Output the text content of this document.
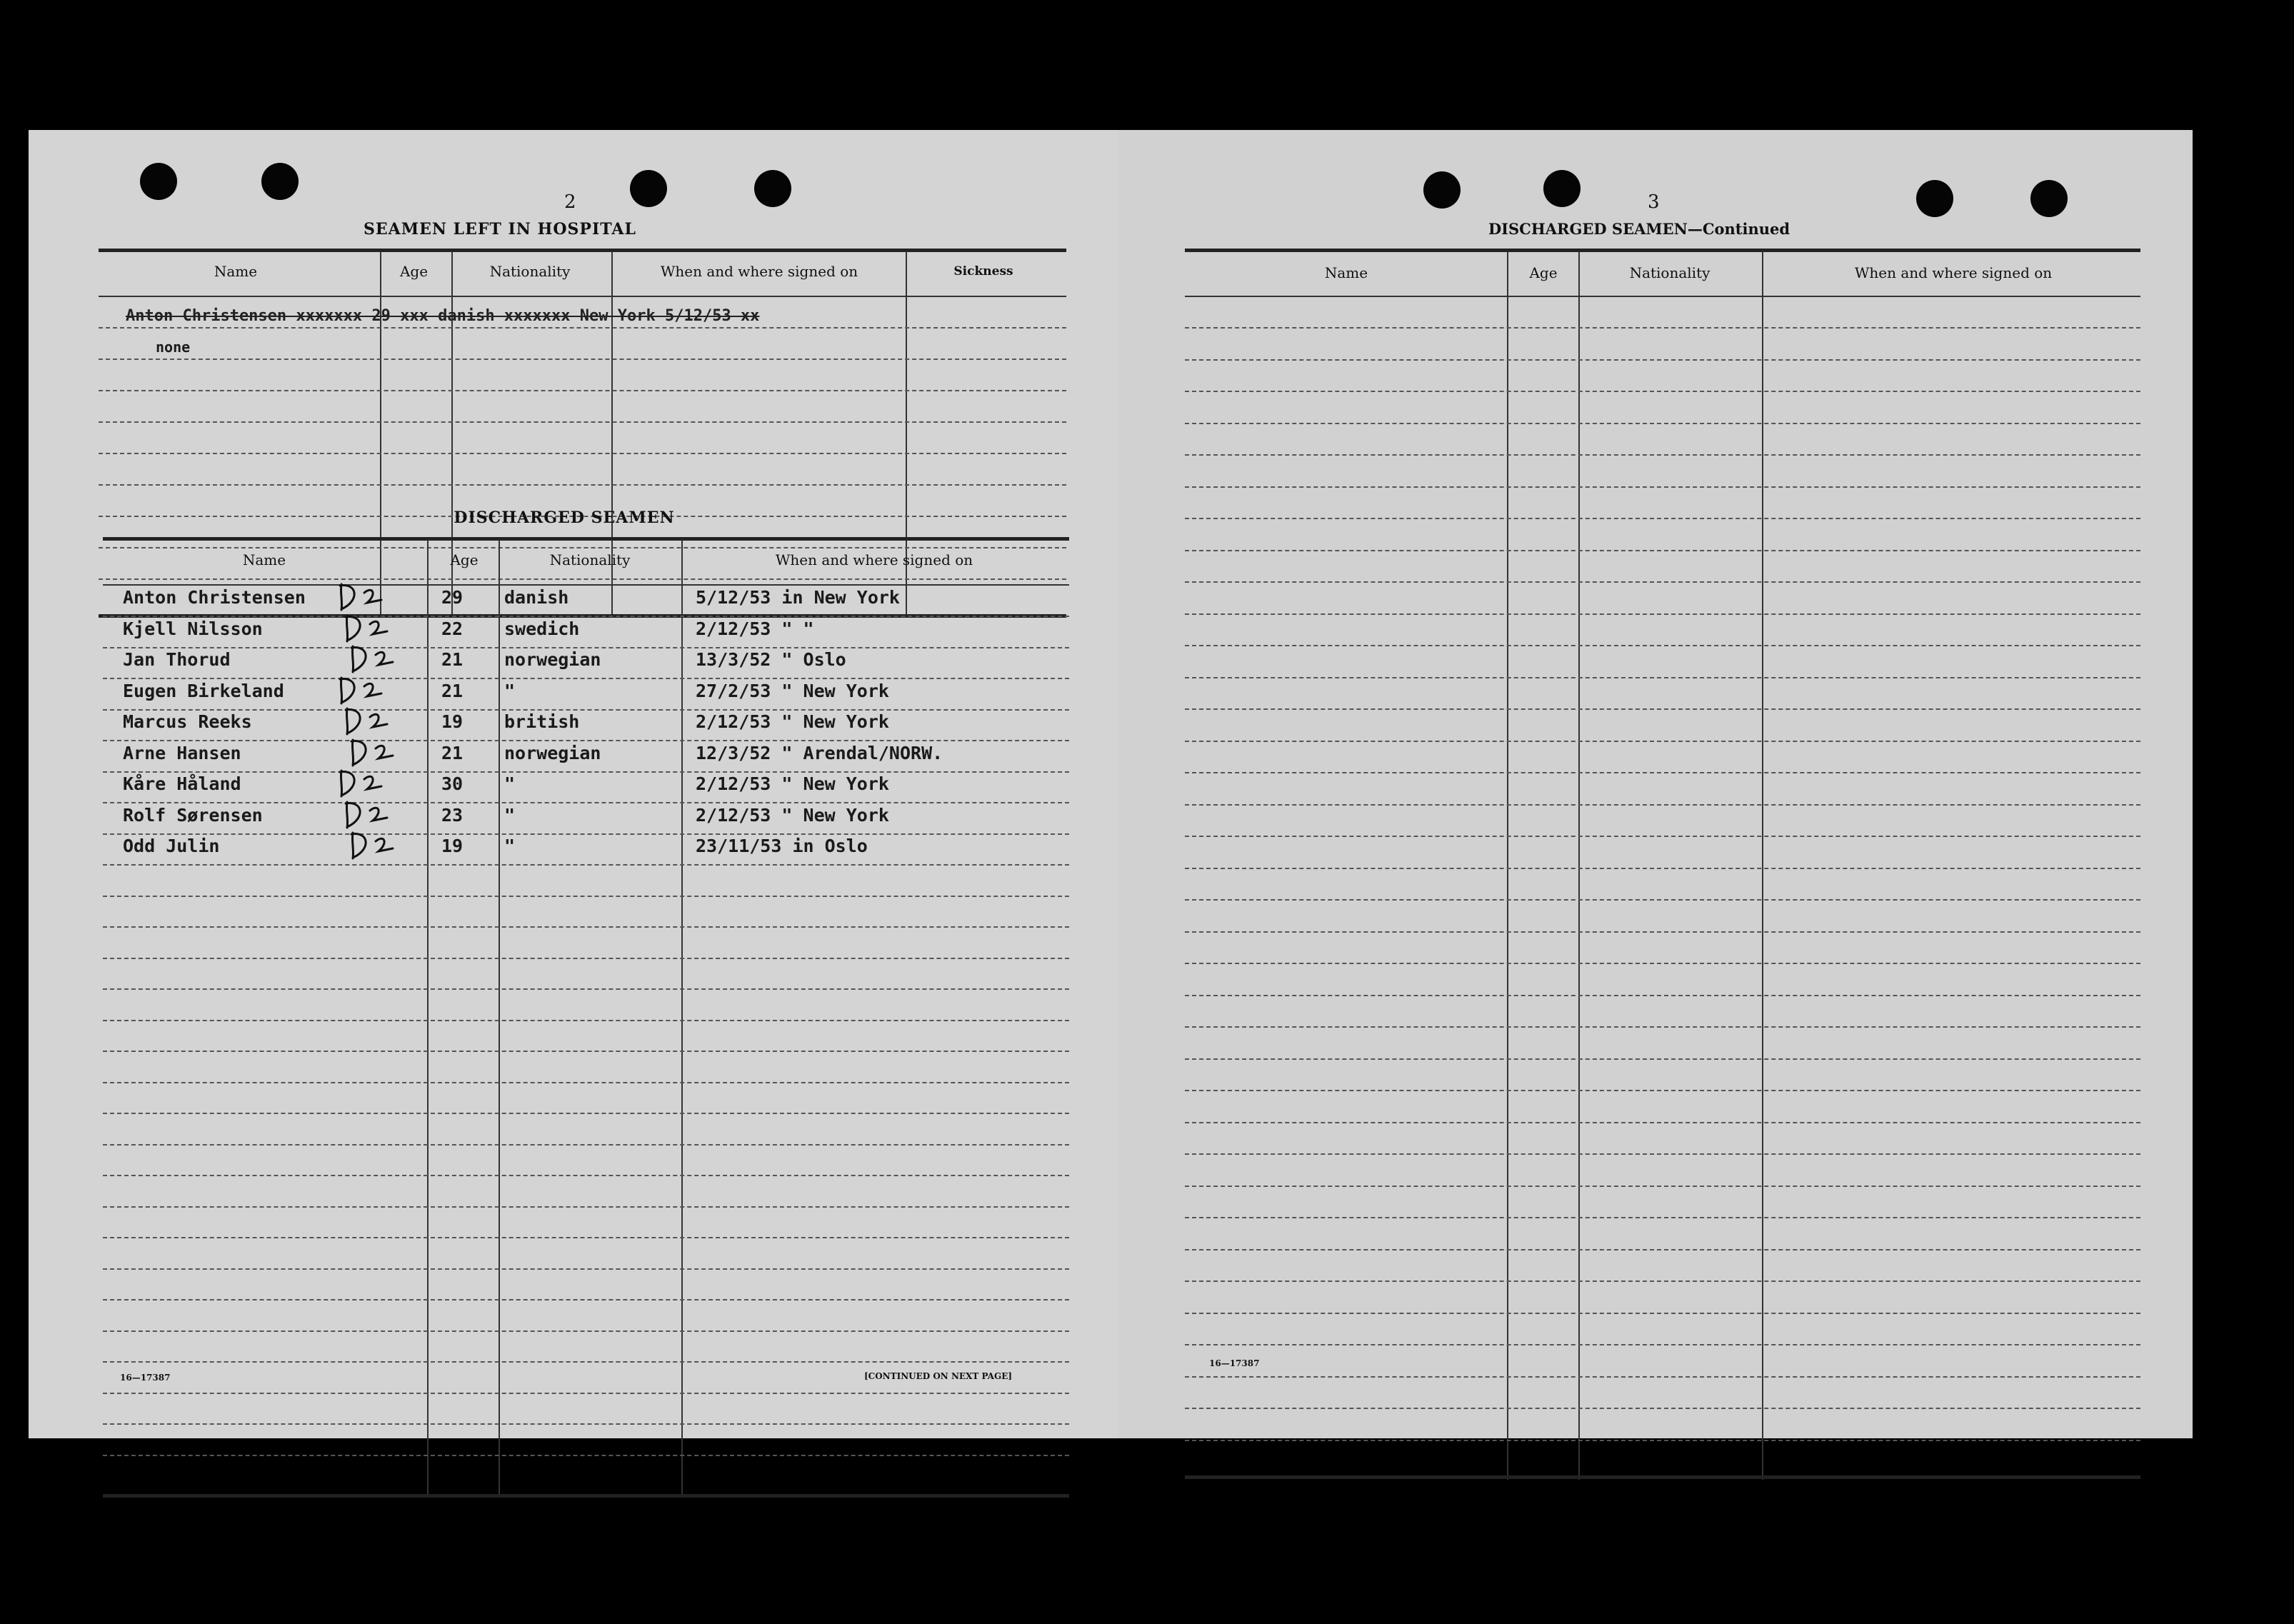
2
SEAMEN LEFT IN HOSPITAL
Name	Age	Nationality	When and where signed on	Sickness
Anton Christensen xxxxxxx 29 xxx danish xxxxxxx New York 5/12/53 xx
none
DISCHARGED SEAMEN
Name	Age	Nationality	When and where signed on
Anton Christensen	29 danish	5/12/53 in New York
Kjell Nilsson	22 swedich	2/12/53 " "
Jan Thorud	21 norwegian	13/3/52 " Oslo
Eugen Birkeland	21 "	27/2/53 " New York
Marcus Reeks	19 british	2/12/53 " New York
Arne Hansen	21 norwegian	12/3/52 " Arendal/NORW.
Kåre Håland	30 "	2/12/53 " New York
Rolf Sørensen	23 "	2/12/53 " New York
Odd Julin	19 "	23/11/53 in Oslo
16—17387	[CONTINUED ON NEXT PAGE]
3
DISCHARGED SEAMEN—Continued
Name	Age	Nationality	When and where signed on
16—17387
